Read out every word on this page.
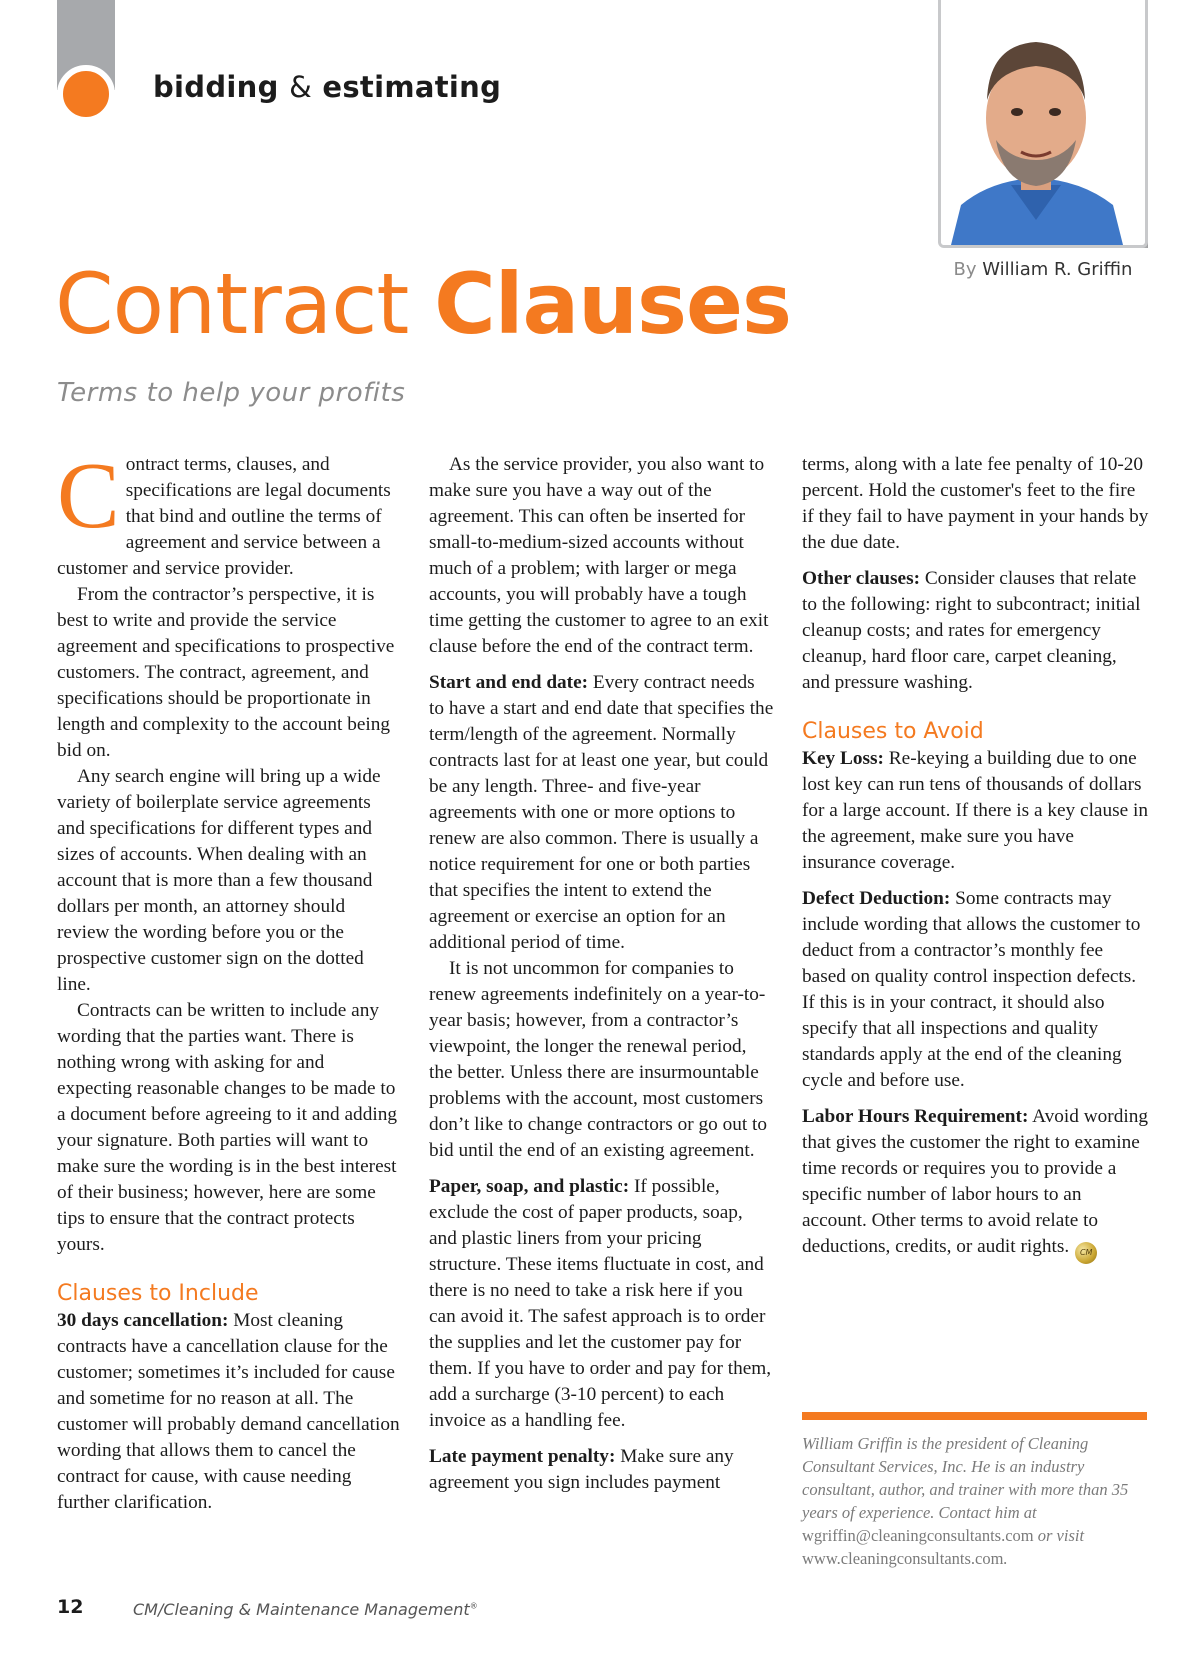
bidding & estimating
By William R. Griffin
Contract Clauses
Terms to help your profits

Contract terms, clauses, and specifications are legal documents that bind and outline the terms of agreement and service between a customer and service provider.

From the contractor’s perspective, it is best to write and provide the service agreement and specifications to prospective customers. The contract, agreement, and specifications should be proportionate in length and complexity to the account being bid on.

Any search engine will bring up a wide variety of boilerplate service agreements and specifications for different types and sizes of accounts. When dealing with an account that is more than a few thousand dollars per month, an attorney should review the wording before you or the prospective customer sign on the dotted line.

Contracts can be written to include any wording that the parties want. There is nothing wrong with asking for and expecting reasonable changes to be made to a document before agreeing to it and adding your signature. Both parties will want to make sure the wording is in the best interest of their business; however, here are some tips to ensure that the contract protects yours.

Clauses to Include

30 days cancellation: Most cleaning contracts have a cancellation clause for the customer; sometimes it’s included for cause and sometime for no reason at all. The customer will probably demand cancellation wording that allows them to cancel the contract for cause, with cause needing further clarification.

As the service provider, you also want to make sure you have a way out of the agreement. This can often be inserted for small-to-medium-sized accounts without much of a problem; with larger or mega accounts, you will probably have a tough time getting the customer to agree to an exit clause before the end of the contract term.

Start and end date: Every contract needs to have a start and end date that specifies the term/length of the agreement. Normally contracts last for at least one year, but could be any length. Three- and five-year agreements with one or more options to renew are also common. There is usually a notice requirement for one or both parties that specifies the intent to extend the agreement or exercise an option for an additional period of time.

It is not uncommon for companies to renew agreements indefinitely on a year-to-year basis; however, from a contractor’s viewpoint, the longer the renewal period, the better. Unless there are insurmountable problems with the account, most customers don’t like to change contractors or go out to bid until the end of an existing agreement.

Paper, soap, and plastic: If possible, exclude the cost of paper products, soap, and plastic liners from your pricing structure. These items fluctuate in cost, and there is no need to take a risk here if you can avoid it. The safest approach is to order the supplies and let the customer pay for them. If you have to order and pay for them, add a surcharge (3-10 percent) to each invoice as a handling fee.

Late payment penalty: Make sure any agreement you sign includes payment

terms, along with a late fee penalty of 10-20 percent. Hold the customer's feet to the fire if they fail to have payment in your hands by the due date.

Other clauses: Consider clauses that relate to the following: right to subcontract; initial cleanup costs; and rates for emergency cleanup, hard floor care, carpet cleaning, and pressure washing.

Clauses to Avoid

Key Loss: Re-keying a building due to one lost key can run tens of thousands of dollars for a large account. If there is a key clause in the agreement, make sure you have insurance coverage.

Defect Deduction: Some contracts may include wording that allows the customer to deduct from a contractor’s monthly fee based on quality control inspection defects. If this is in your contract, it should also specify that all inspections and quality standards apply at the end of the cleaning cycle and before use.

Labor Hours Requirement: Avoid wording that gives the customer the right to examine time records or requires you to provide a specific number of labor hours to an account. Other terms to avoid relate to deductions, credits, or audit rights. CM

William Griffin is the president of Cleaning Consultant Services, Inc. He is an industry consultant, author, and trainer with more than 35 years of experience. Contact him at wgriffin@cleaningconsultants.com or visit www.cleaningconsultants.com.
12	CM/Cleaning & Maintenance Management®
